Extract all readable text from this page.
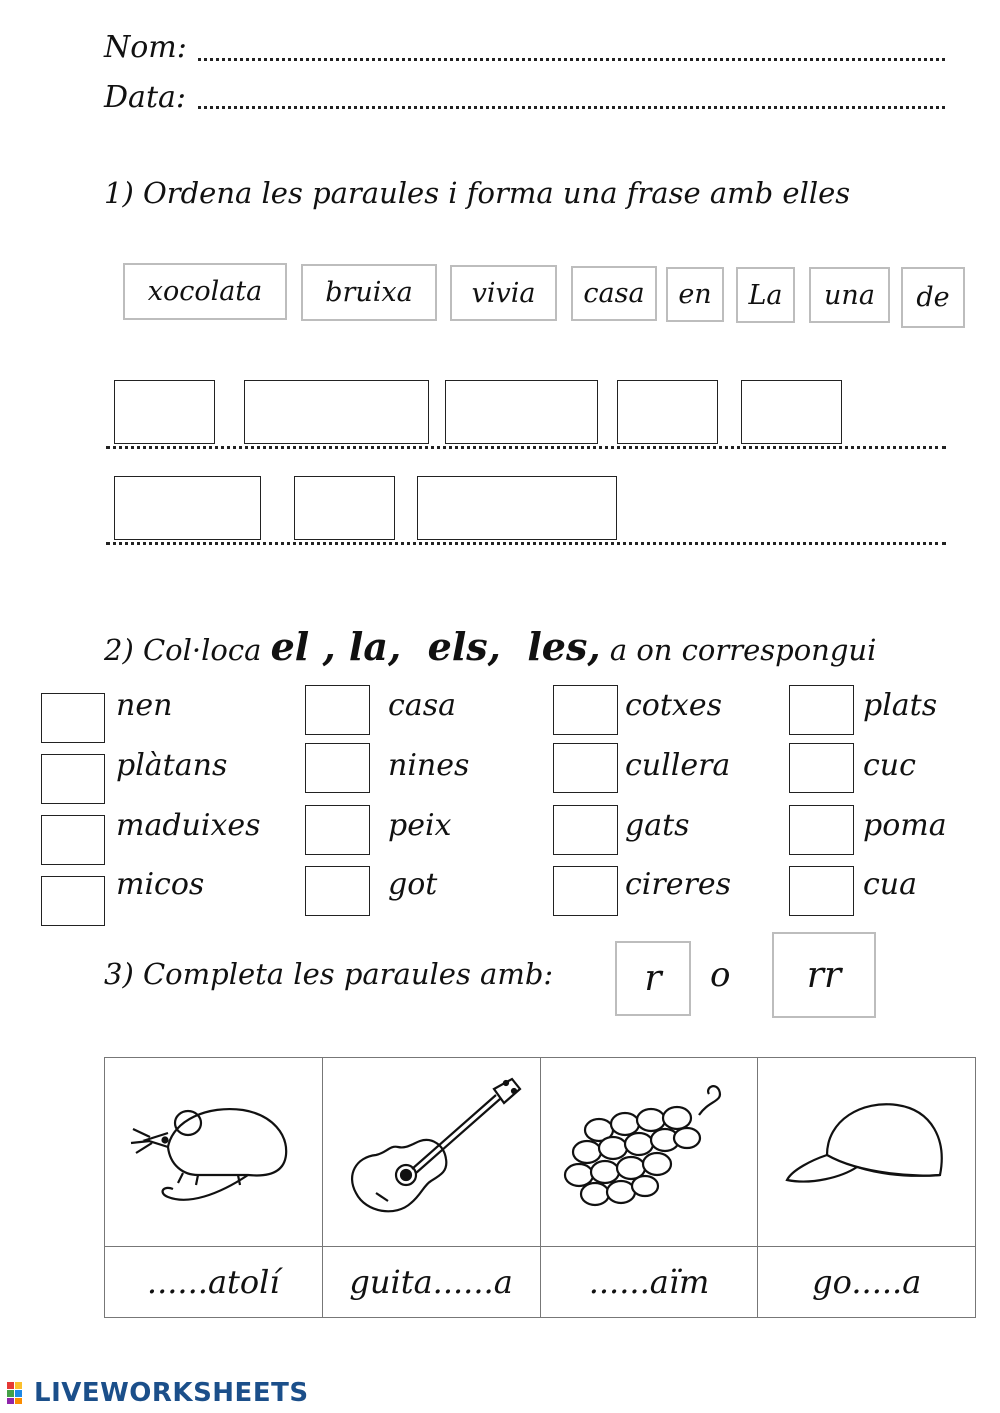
Nom:
Data:
1) Ordena les paraules i forma una frase amb elles
xocolata	bruixa	vivia	casa	en	La	una	de
2) Col·loca el , la,  els,  les, a on correspongui
nen
plàtans
maduixes
micos
casa
nines
peix
got
cotxes
cullera
gats
cireres
plats
cuc
poma
cua
3) Completa les paraules amb:	r	o	rr

......atolí	guita......a	......aïm	go.....a
LIVEWORKSHEETS
